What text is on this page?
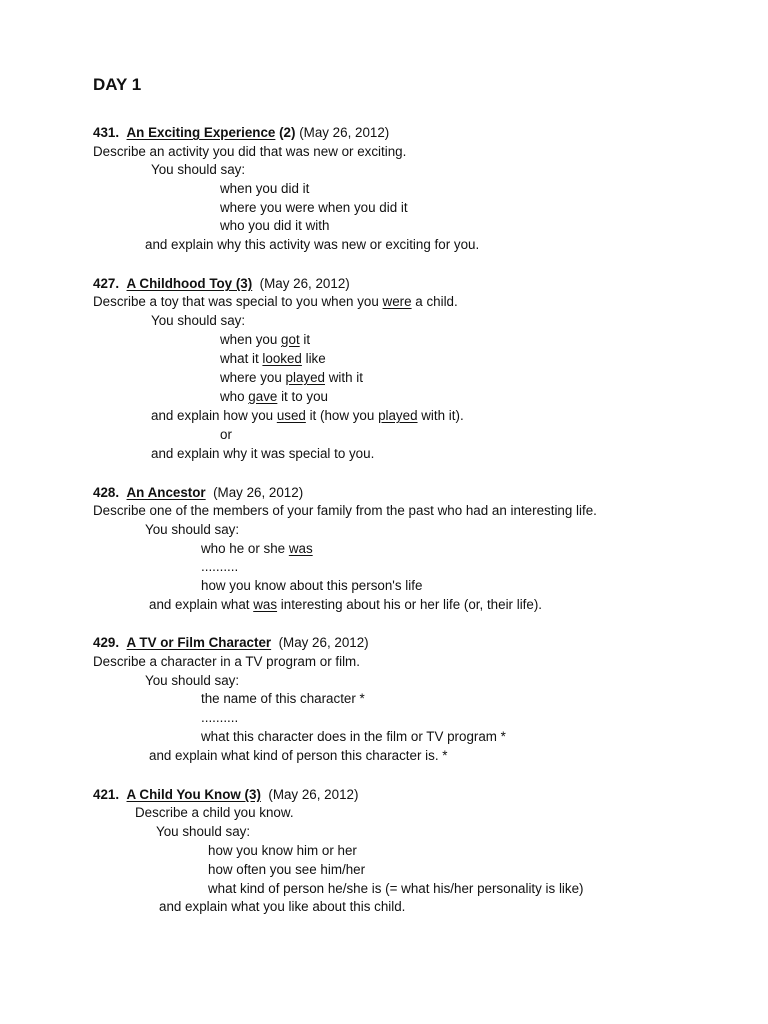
DAY 1
431. An Exciting Experience (2) (May 26, 2012)
Describe an activity you did that was new or exciting.
You should say:
when you did it
where you were when you did it
who you did it with
and explain why this activity was new or exciting for you.
427. A Childhood Toy (3) (May 26, 2012)
Describe a toy that was special to you when you were a child.
You should say:
when you got it
what it looked like
where you played with it
who gave it to you
and explain how you used it (how you played with it).
or
and explain why it was special to you.
428. An Ancestor (May 26, 2012)
Describe one of the members of your family from the past who had an interesting life.
You should say:
who he or she was
..........
how you know about this person's life
and explain what was interesting about his or her life (or, their life).
429. A TV or Film Character (May 26, 2012)
Describe a character in a TV program or film.
You should say:
the name of this character *
..........
what this character does in the film or TV program *
and explain what kind of person this character is. *
421. A Child You Know (3) (May 26, 2012)
Describe a child you know.
You should say:
how you know him or her
how often you see him/her
what kind of person he/she is (= what his/her personality is like)
and explain what you like about this child.
